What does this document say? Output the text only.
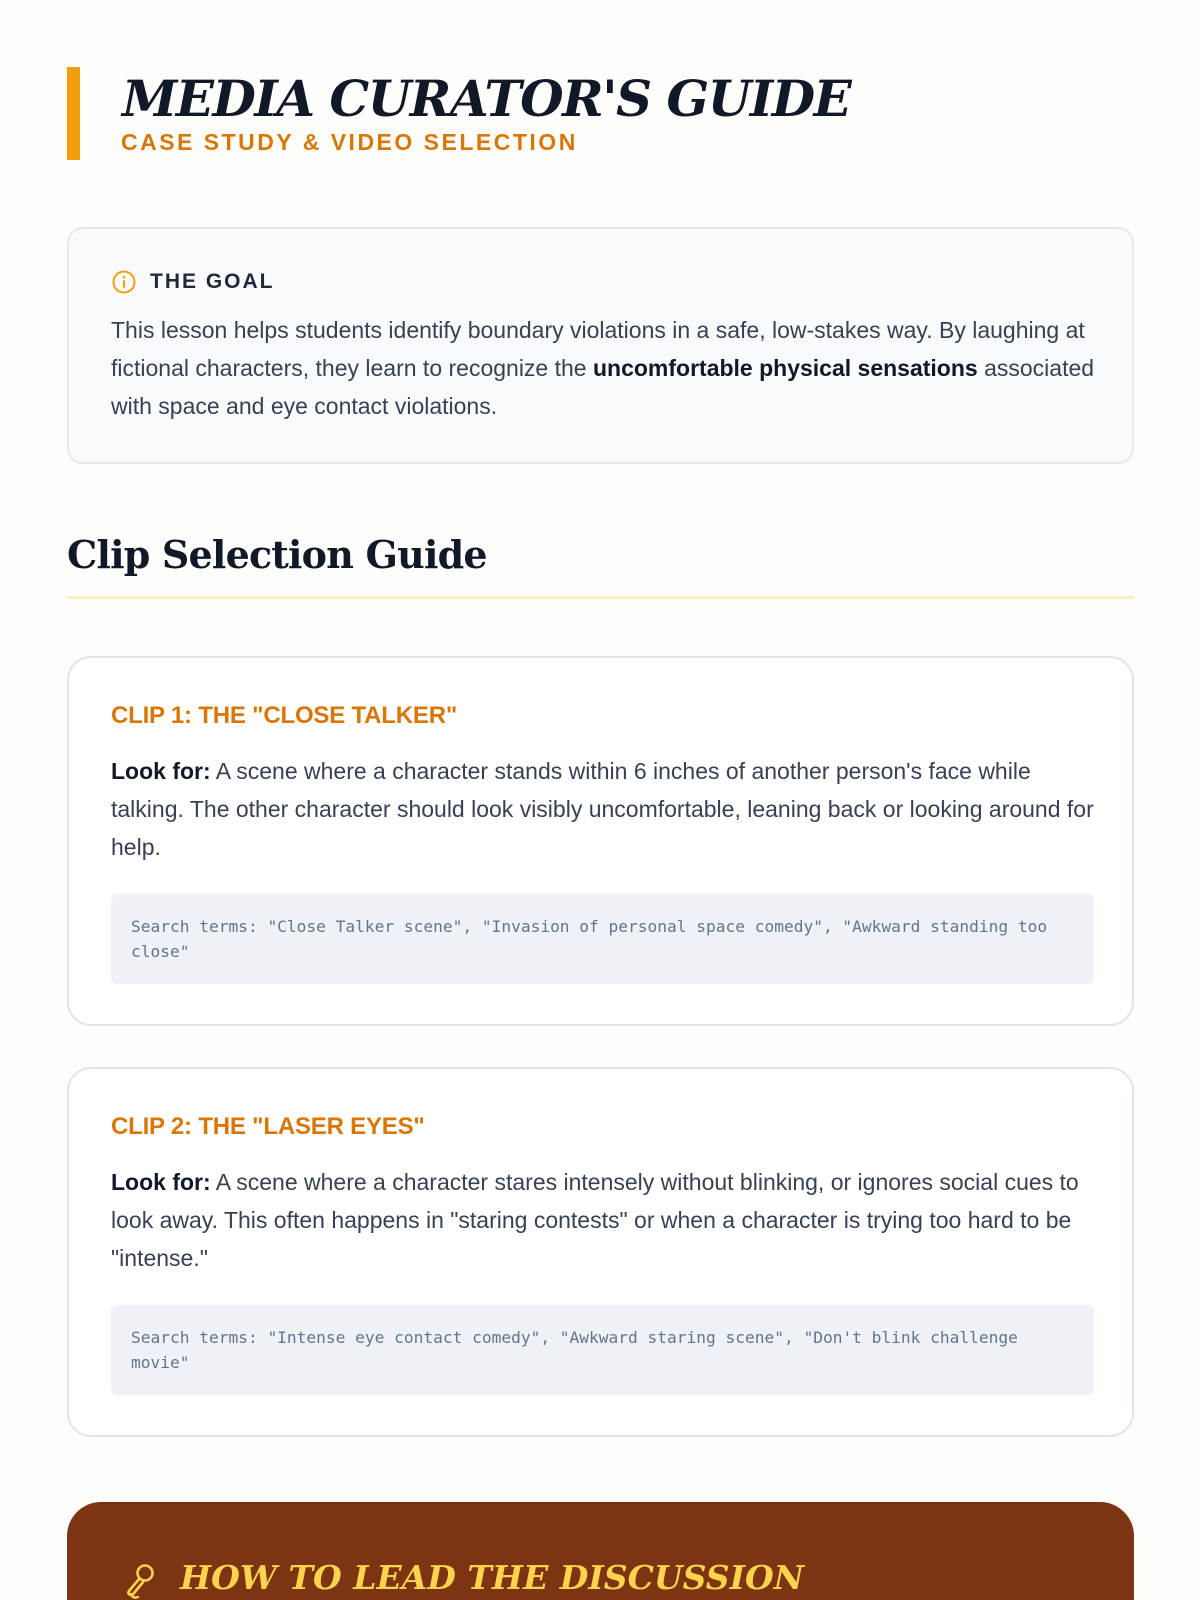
MEDIA CURATOR'S GUIDE
CASE STUDY & VIDEO SELECTION
THE GOAL

This lesson helps students identify boundary violations in a safe, low-stakes way. By laughing at fictional characters, they learn to recognize the uncomfortable physical sensations associated with space and eye contact violations.

Clip Selection Guide
CLIP 1: THE "CLOSE TALKER"

Look for: A scene where a character stands within 6 inches of another person's face while talking. The other character should look visibly uncomfortable, leaning back or looking around for help.

Search terms: "Close Talker scene", "Invasion of personal space comedy", "Awkward standing too close"
CLIP 2: THE "LASER EYES"

Look for: A scene where a character stares intensely without blinking, or ignores social cues to look away. This often happens in "staring contests" or when a character is trying too hard to be "intense."

Search terms: "Intense eye contact comedy", "Awkward staring scene", "Don't blink challenge movie"
HOW TO LEAD THE DISCUSSION
